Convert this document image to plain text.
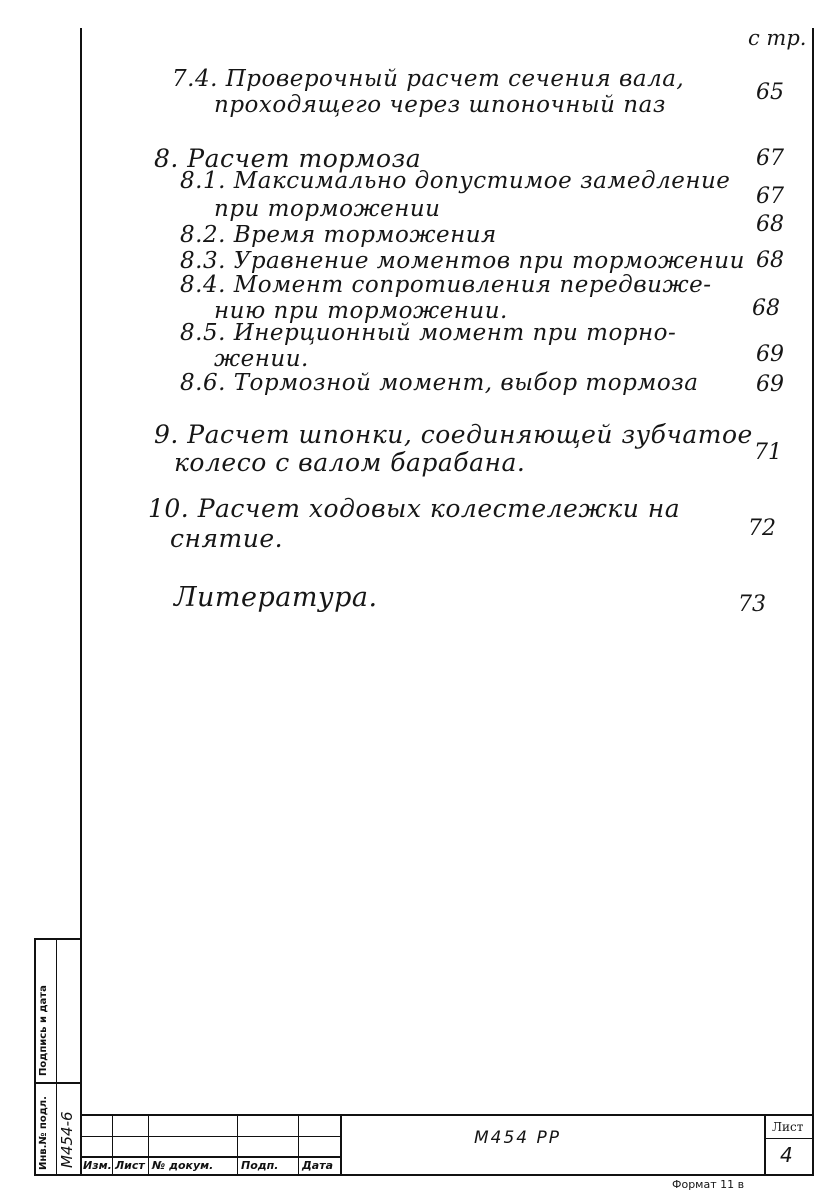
Подпись и дата
Инв.№ подл. М454-6 Изм. Лист № докум.	Подп. Дата
М454 РР
Лист
4
Формат 11 в
с тр.
7.4. Проверочный расчет сечения вала,
проходящего через шпоночный паз	65
8. Расчет тормоза	67
8.1. Максимально допустимое замедление
при торможении	67
8.2. Время торможения	68
8.3. Уравнение моментов при торможении 68
8.4. Момент сопротивления передвиже-
нию при торможении.	68
8.5. Инерционный момент при торно-
жении.	69
8.6. Тормозной момент, выбор тормоза	69
9. Расчет шпонки, соединяющей зубчатое
колесо с валом барабана.	71
10. Расчет ходовых колестележки на
снятие.	72
Литература.	73
